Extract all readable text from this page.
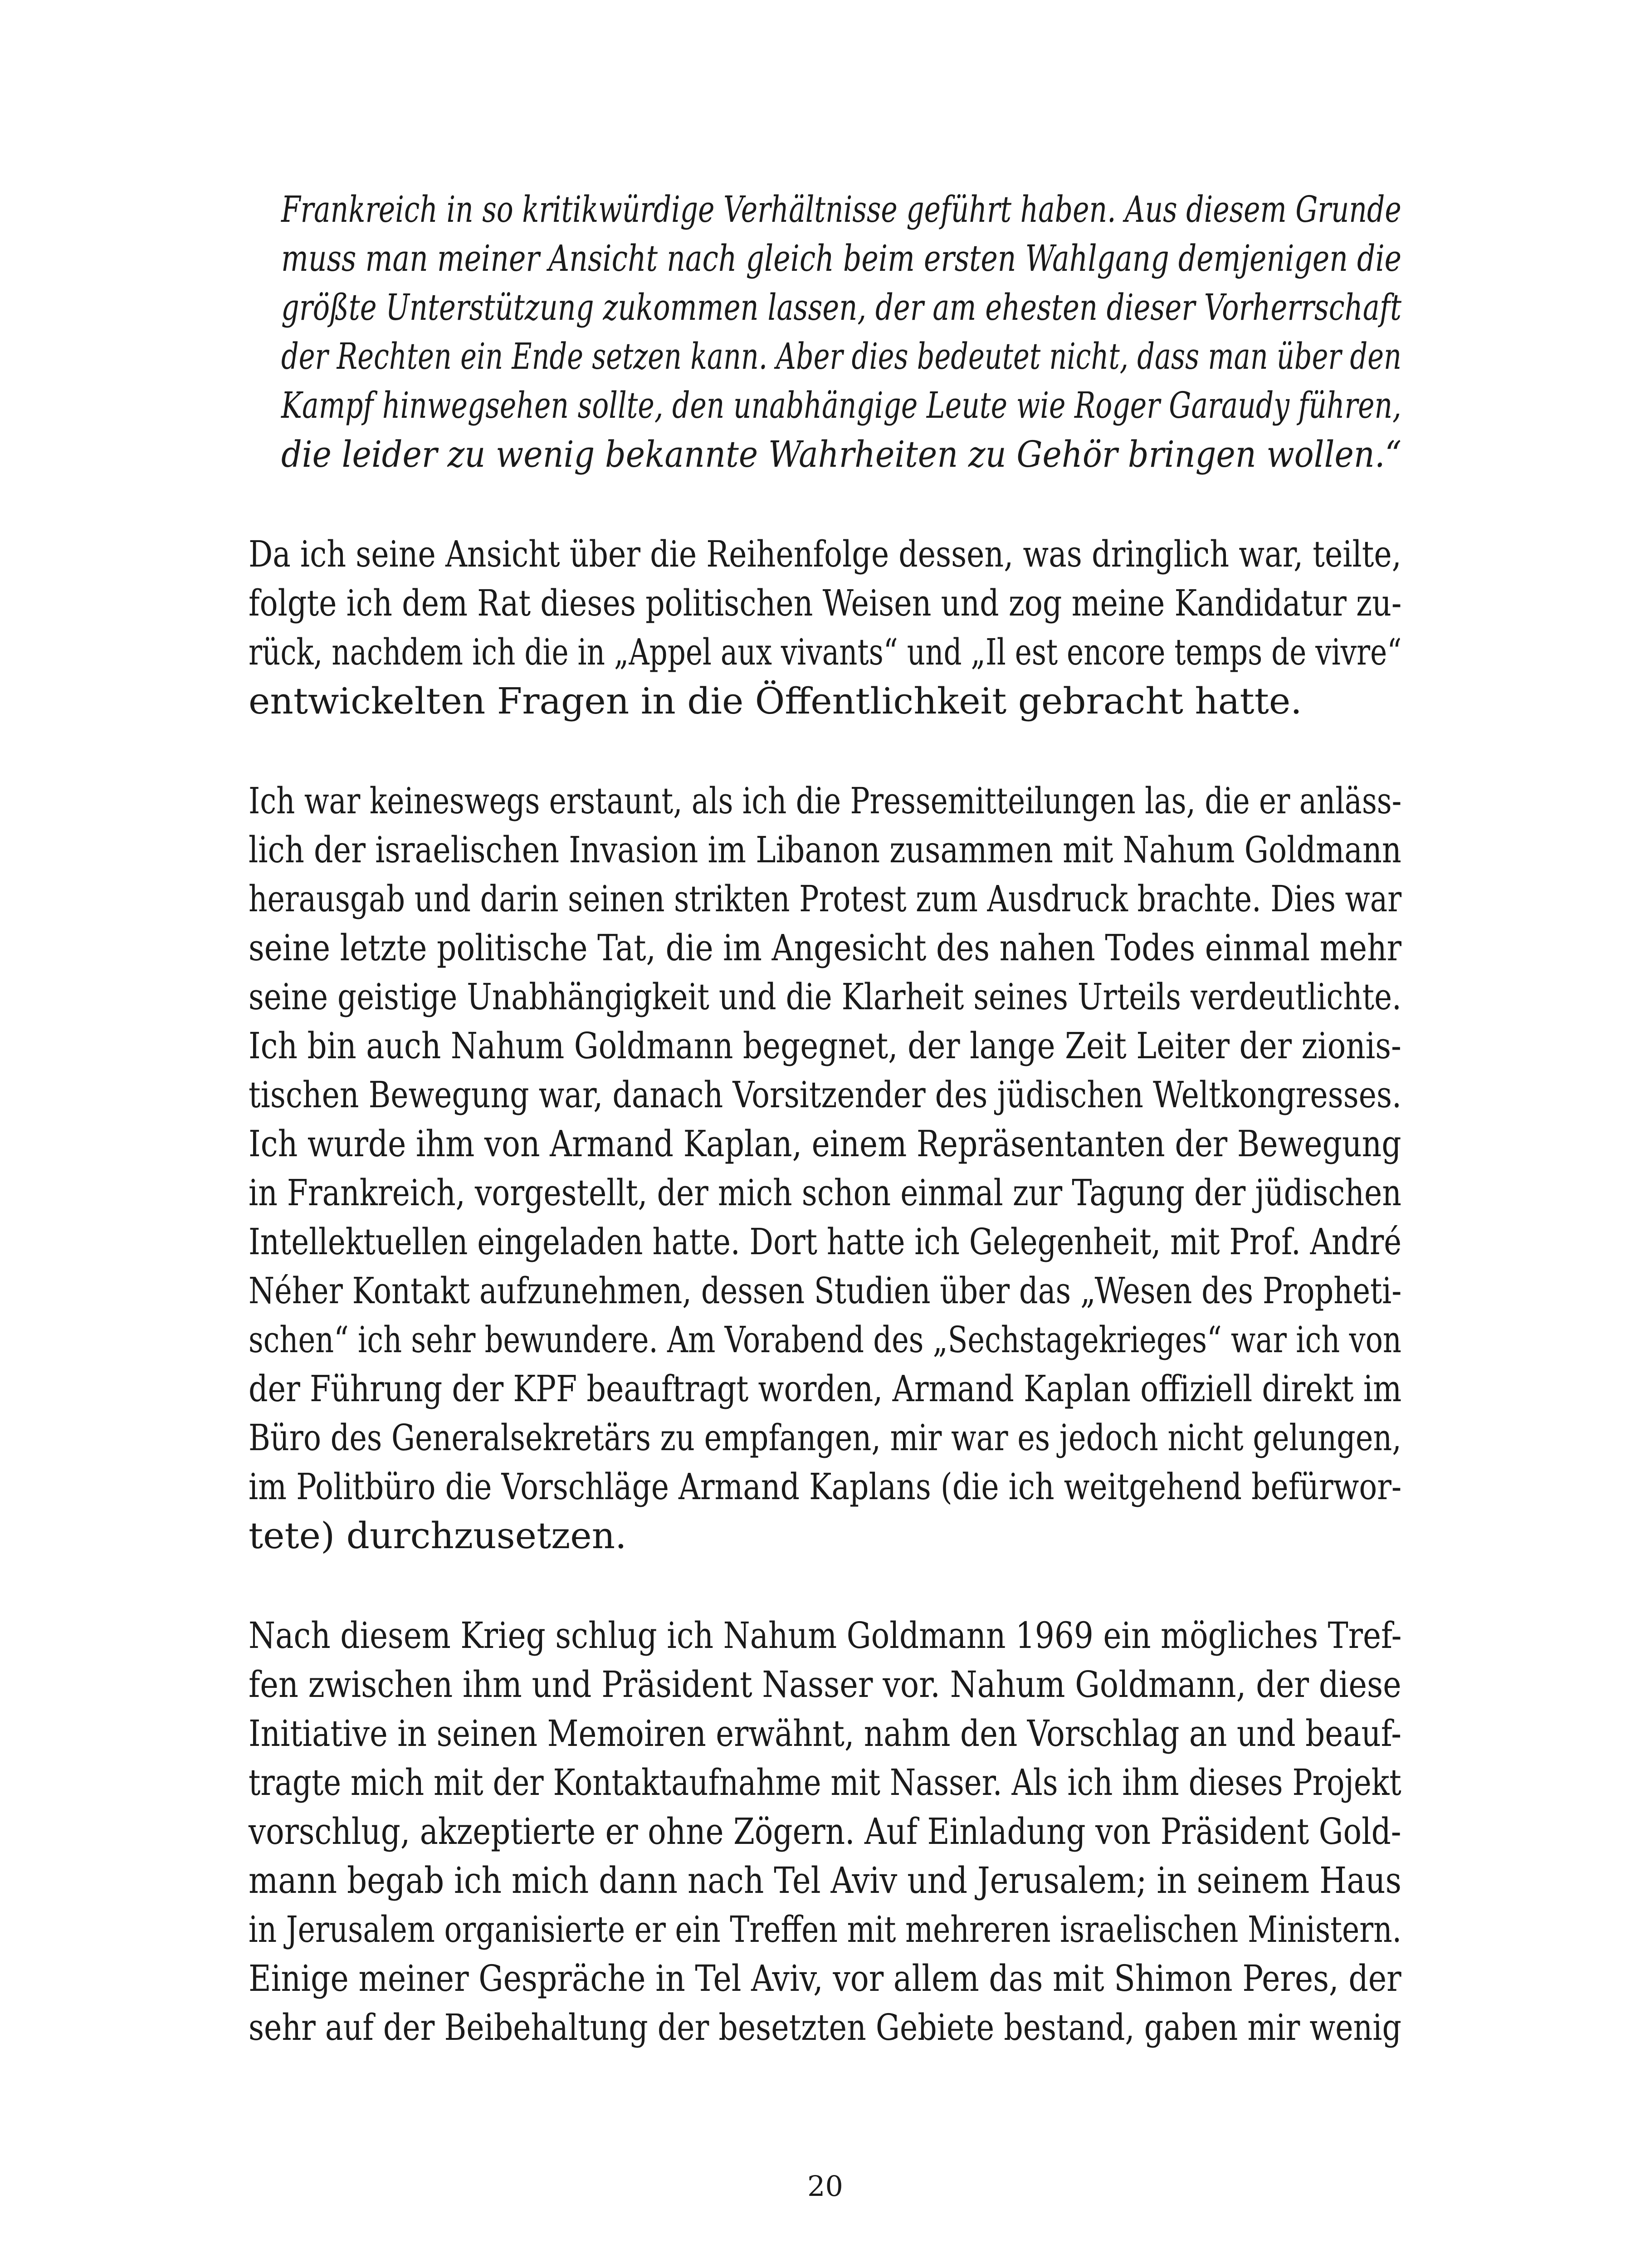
Frankreich in so kritikwürdige Verhältnisse geführt haben. Aus diesem Grunde
muss man meiner Ansicht nach gleich beim ersten Wahlgang demjenigen die
größte Unterstützung zukommen lassen, der am ehesten dieser Vorherrschaft
der Rechten ein Ende setzen kann. Aber dies bedeutet nicht, dass man über den
Kampf hinwegsehen sollte, den unabhängige Leute wie Roger Garaudy führen,
die leider zu wenig bekannte Wahrheiten zu Gehör bringen wollen.“
Da ich seine Ansicht über die Reihenfolge dessen, was dringlich war, teilte,
folgte ich dem Rat dieses politischen Weisen und zog meine Kandidatur zu-
rück, nachdem ich die in „Appel aux vivants“ und „Il est encore temps de vivre“
entwickelten Fragen in die Öffentlichkeit gebracht hatte.
Ich war keineswegs erstaunt, als ich die Pressemitteilungen las, die er anläss-
lich der israelischen Invasion im Libanon zusammen mit Nahum Goldmann
herausgab und darin seinen strikten Protest zum Ausdruck brachte. Dies war
seine letzte politische Tat, die im Angesicht des nahen Todes einmal mehr
seine geistige Unabhängigkeit und die Klarheit seines Urteils verdeutlichte.
Ich bin auch Nahum Goldmann begegnet, der lange Zeit Leiter der zionis-
tischen Bewegung war, danach Vorsitzender des jüdischen Weltkongresses.
Ich wurde ihm von Armand Kaplan, einem Repräsentanten der Bewegung
in Frankreich, vorgestellt, der mich schon einmal zur Tagung der jüdischen
Intellektuellen eingeladen hatte. Dort hatte ich Gelegenheit, mit Prof. André
Néher Kontakt aufzunehmen, dessen Studien über das „Wesen des Propheti-
schen“ ich sehr bewundere. Am Vorabend des „Sechstagekrieges“ war ich von
der Führung der KPF beauftragt worden, Armand Kaplan offiziell direkt im
Büro des Generalsekretärs zu empfangen, mir war es jedoch nicht gelungen,
im Politbüro die Vorschläge Armand Kaplans (die ich weitgehend befürwor-
tete) durchzusetzen.
Nach diesem Krieg schlug ich Nahum Goldmann 1969 ein mögliches Tref-
fen zwischen ihm und Präsident Nasser vor. Nahum Goldmann, der diese
Initiative in seinen Memoiren erwähnt, nahm den Vorschlag an und beauf-
tragte mich mit der Kontaktaufnahme mit Nasser. Als ich ihm dieses Projekt
vorschlug, akzeptierte er ohne Zögern. Auf Einladung von Präsident Gold-
mann begab ich mich dann nach Tel Aviv und Jerusalem; in seinem Haus
in Jerusalem organisierte er ein Treffen mit mehreren israelischen Ministern.
Einige meiner Gespräche in Tel Aviv, vor allem das mit Shimon Peres, der
sehr auf der Beibehaltung der besetzten Gebiete bestand, gaben mir wenig
20
